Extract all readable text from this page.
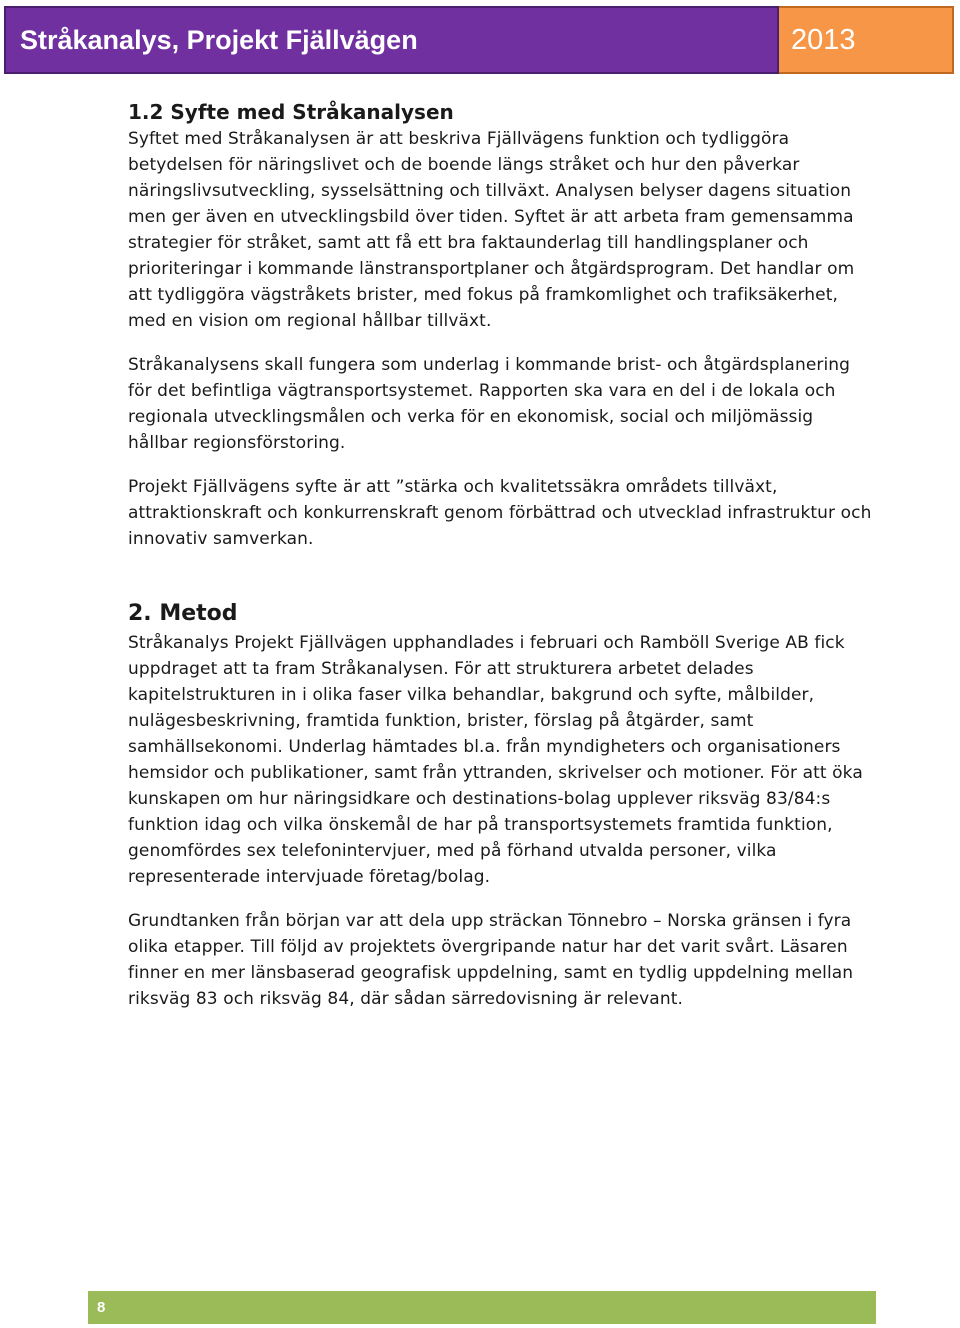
Stråkanalys, Projekt Fjällvägen	2013
1.2 Syfte med Stråkanalysen

Syftet med Stråkanalysen är att beskriva Fjällvägens funktion och tydliggöra betydelsen för näringslivet och de boende längs stråket och hur den påverkar näringslivsutveckling, sysselsättning och tillväxt. Analysen belyser dagens situation men ger även en utvecklingsbild över tiden. Syftet är att arbeta fram gemensamma strategier för stråket, samt att få ett bra faktaunderlag till handlingsplaner och prioriteringar i kommande länstransportplaner och åtgärdsprogram. Det handlar om att tydliggöra vägstråkets brister, med fokus på framkomlighet och trafiksäkerhet, med en vision om regional hållbar tillväxt.

Stråkanalysens skall fungera som underlag i kommande brist- och åtgärdsplanering för det befintliga vägtransportsystemet. Rapporten ska vara en del i de lokala och regionala utvecklingsmålen och verka för en ekonomisk, social och miljömässig hållbar regionsförstoring.

Projekt Fjällvägens syfte är att ”stärka och kvalitetssäkra områdets tillväxt, attraktionskraft och konkurrenskraft genom förbättrad och utvecklad infrastruktur och innovativ samverkan.

2. Metod

Stråkanalys Projekt Fjällvägen upphandlades i februari och Ramböll Sverige AB fick uppdraget att ta fram Stråkanalysen. För att strukturera arbetet delades kapitelstrukturen in i olika faser vilka behandlar, bakgrund och syfte, målbilder, nulägesbeskrivning, framtida funktion, brister, förslag på åtgärder, samt samhällsekonomi. Underlag hämtades bl.a. från myndigheters och organisationers hemsidor och publikationer, samt från yttranden, skrivelser och motioner. För att öka kunskapen om hur näringsidkare och destinations-bolag upplever riksväg 83/84:s funktion idag och vilka önskemål de har på transportsystemets framtida funktion, genomfördes sex telefonintervjuer, med på förhand utvalda personer, vilka representerade intervjuade företag/bolag.

Grundtanken från början var att dela upp sträckan Tönnebro – Norska gränsen i fyra olika etapper. Till följd av projektets övergripande natur har det varit svårt. Läsaren finner en mer länsbaserad geografisk uppdelning, samt en tydlig uppdelning mellan riksväg 83 och riksväg 84, där sådan särredovisning är relevant.

8
